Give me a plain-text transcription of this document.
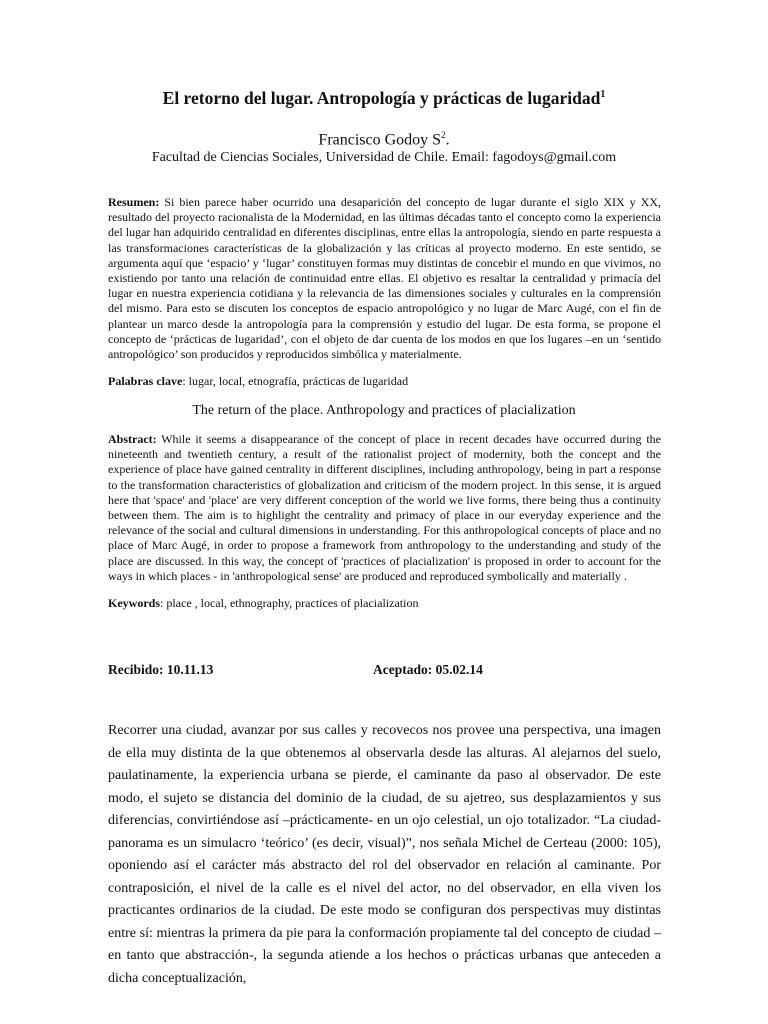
El retorno del lugar. Antropología y prácticas de lugaridad$^1$
Francisco Godoy $S^2$.
Facultad de Ciencias Sociales, Universidad de Chile. Email: fagodoys@gmail.com
Resumen: Si bien parece haber ocurrido una desaparición del concepto de lugar durante el siglo XIX y XX, resultado del proyecto racionalista de la Modernidad, en las últimas décadas tanto el concepto como la experiencia del lugar han adquirido centralidad en diferentes disciplinas, entre ellas la antropología, siendo en parte respuesta a las transformaciones características de la globalización y las críticas al proyecto moderno. En este sentido, se argumenta aquí que ‘espacio’ y ‘lugar’ constituyen formas muy distintas de concebir el mundo en que vivimos, no existiendo por tanto una relación de continuidad entre ellas. El objetivo es resaltar la centralidad y primacía del lugar en nuestra experiencia cotidiana y la relevancia de las dimensiones sociales y culturales en la comprensión del mismo. Para esto se discuten los conceptos de espacio antropológico y no lugar de Marc Augé, con el fin de plantear un marco desde la antropología para la comprensión y estudio del lugar. De esta forma, se propone el concepto de ‘prácticas de lugaridad’, con el objeto de dar cuenta de los modos en que los lugares –en un ‘sentido antropológico’ son producidos y reproducidos simbólica y materialmente.
Palabras clave: lugar, local, etnografía, prácticas de lugaridad
The return of the place. Anthropology and practices of placialization
Abstract: While it seems a disappearance of the concept of place in recent decades have occurred during the nineteenth and twentieth century, a result of the rationalist project of modernity, both the concept and the experience of place have gained centrality in different disciplines, including anthropology, being in part a response to the transformation characteristics of globalization and criticism of the modern project. In this sense, it is argued here that 'space' and 'place' are very different conception of the world we live forms, there being thus a continuity between them. The aim is to highlight the centrality and primacy of place in our everyday experience and the relevance of the social and cultural dimensions in understanding. For this anthropological concepts of place and no place of Marc Augé, in order to propose a framework from anthropology to the understanding and study of the place are discussed. In this way, the concept of 'practices of placialization' is proposed in order to account for the ways in which places - in 'anthropological sense' are produced and reproduced symbolically and materially .
Keywords: place , local, ethnography, practices of placialization
Recibido: 10.11.13	Aceptado: 05.02.14
Recorrer una ciudad, avanzar por sus calles y recovecos nos provee una perspectiva, una imagen de ella muy distinta de la que obtenemos al observarla desde las alturas. Al alejarnos del suelo, paulatinamente, la experiencia urbana se pierde, el caminante da paso al observador. De este modo, el sujeto se distancia del dominio de la ciudad, de su ajetreo, sus desplazamientos y sus diferencias, convirtiéndose así –prácticamente- en un ojo celestial, un ojo totalizador. “La ciudad-panorama es un simulacro ‘teórico’ (es decir, visual)”, nos señala Michel de Certeau (2000: 105), oponiendo así el carácter más abstracto del rol del observador en relación al caminante. Por contraposición, el nivel de la calle es el nivel del actor, no del observador, en ella viven los practicantes ordinarios de la ciudad. De este modo se configuran dos perspectivas muy distintas entre sí: mientras la primera da pie para la conformación propiamente tal del concepto de ciudad –en tanto que abstracción-, la segunda atiende a los hechos o prácticas urbanas que anteceden a dicha conceptualización,
